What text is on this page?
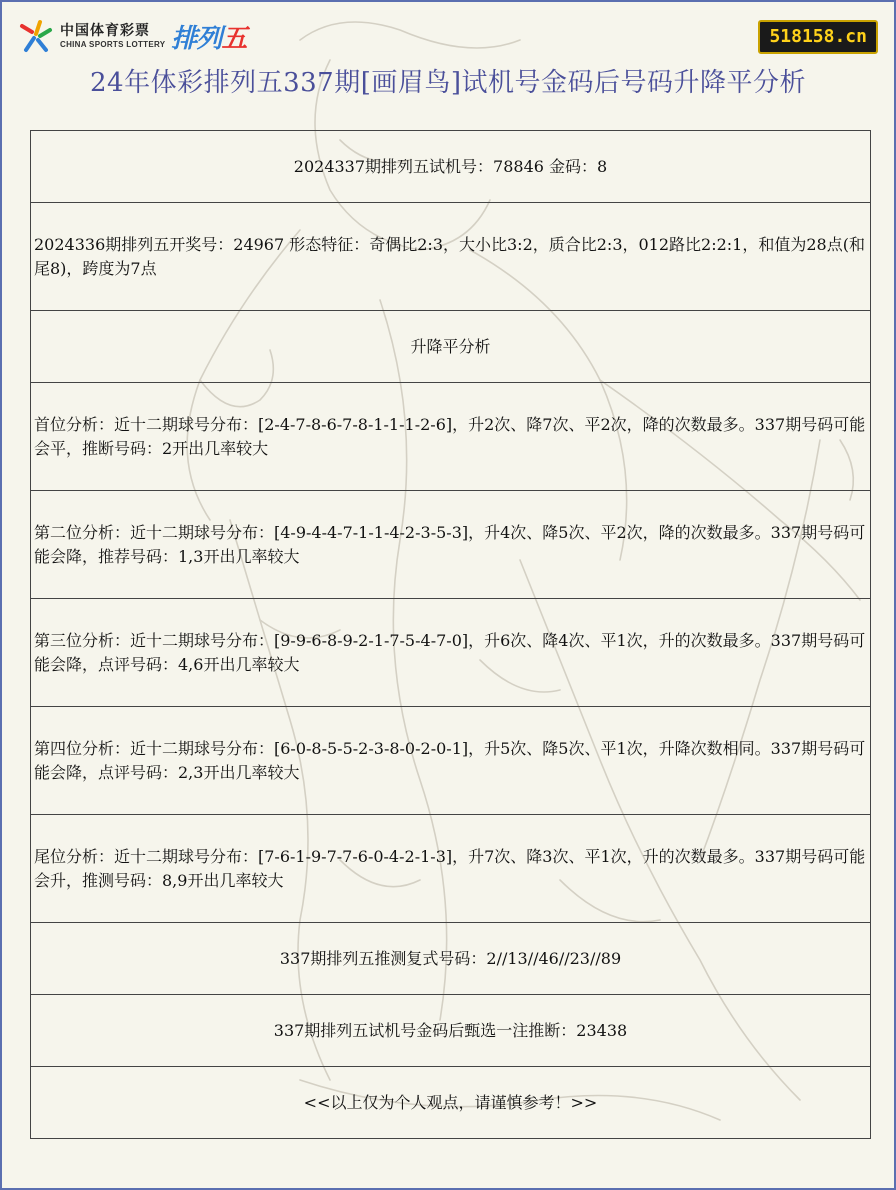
中国体育彩票
CHINA SPORTS LOTTERY 排列五	518158.cn
24年体彩排列五337期[画眉鸟]试机号金码后号码升降平分析
2024337期排列五试机号：78846 金码：8
2024336期排列五开奖号：24967 形态特征：奇偶比2:3，大小比3:2，质合比2:3，012路比2:2:1，和值为28点(和尾8)，跨度为7点
升降平分析
首位分析：近十二期球号分布：[2-4-7-8-6-7-8-1-1-1-2-6]，升2次、降7次、平2次，降的次数最多。337期号码可能会平，推断号码：2开出几率较大
第二位分析：近十二期球号分布：[4-9-4-4-7-1-1-4-2-3-5-3]，升4次、降5次、平2次，降的次数最多。337期号码可能会降，推荐号码：1,3开出几率较大
第三位分析：近十二期球号分布：[9-9-6-8-9-2-1-7-5-4-7-0]，升6次、降4次、平1次，升的次数最多。337期号码可能会降，点评号码：4,6开出几率较大
第四位分析：近十二期球号分布：[6-0-8-5-5-2-3-8-0-2-0-1]，升5次、降5次、平1次，升降次数相同。337期号码可能会降，点评号码：2,3开出几率较大
尾位分析：近十二期球号分布：[7-6-1-9-7-7-6-0-4-2-1-3]，升7次、降3次、平1次，升的次数最多。337期号码可能会升，推测号码：8,9开出几率较大
337期排列五推测复式号码：2//13//46//23//89
337期排列五试机号金码后甄选一注推断：23438
<<以上仅为个人观点，请谨慎参考！>>
